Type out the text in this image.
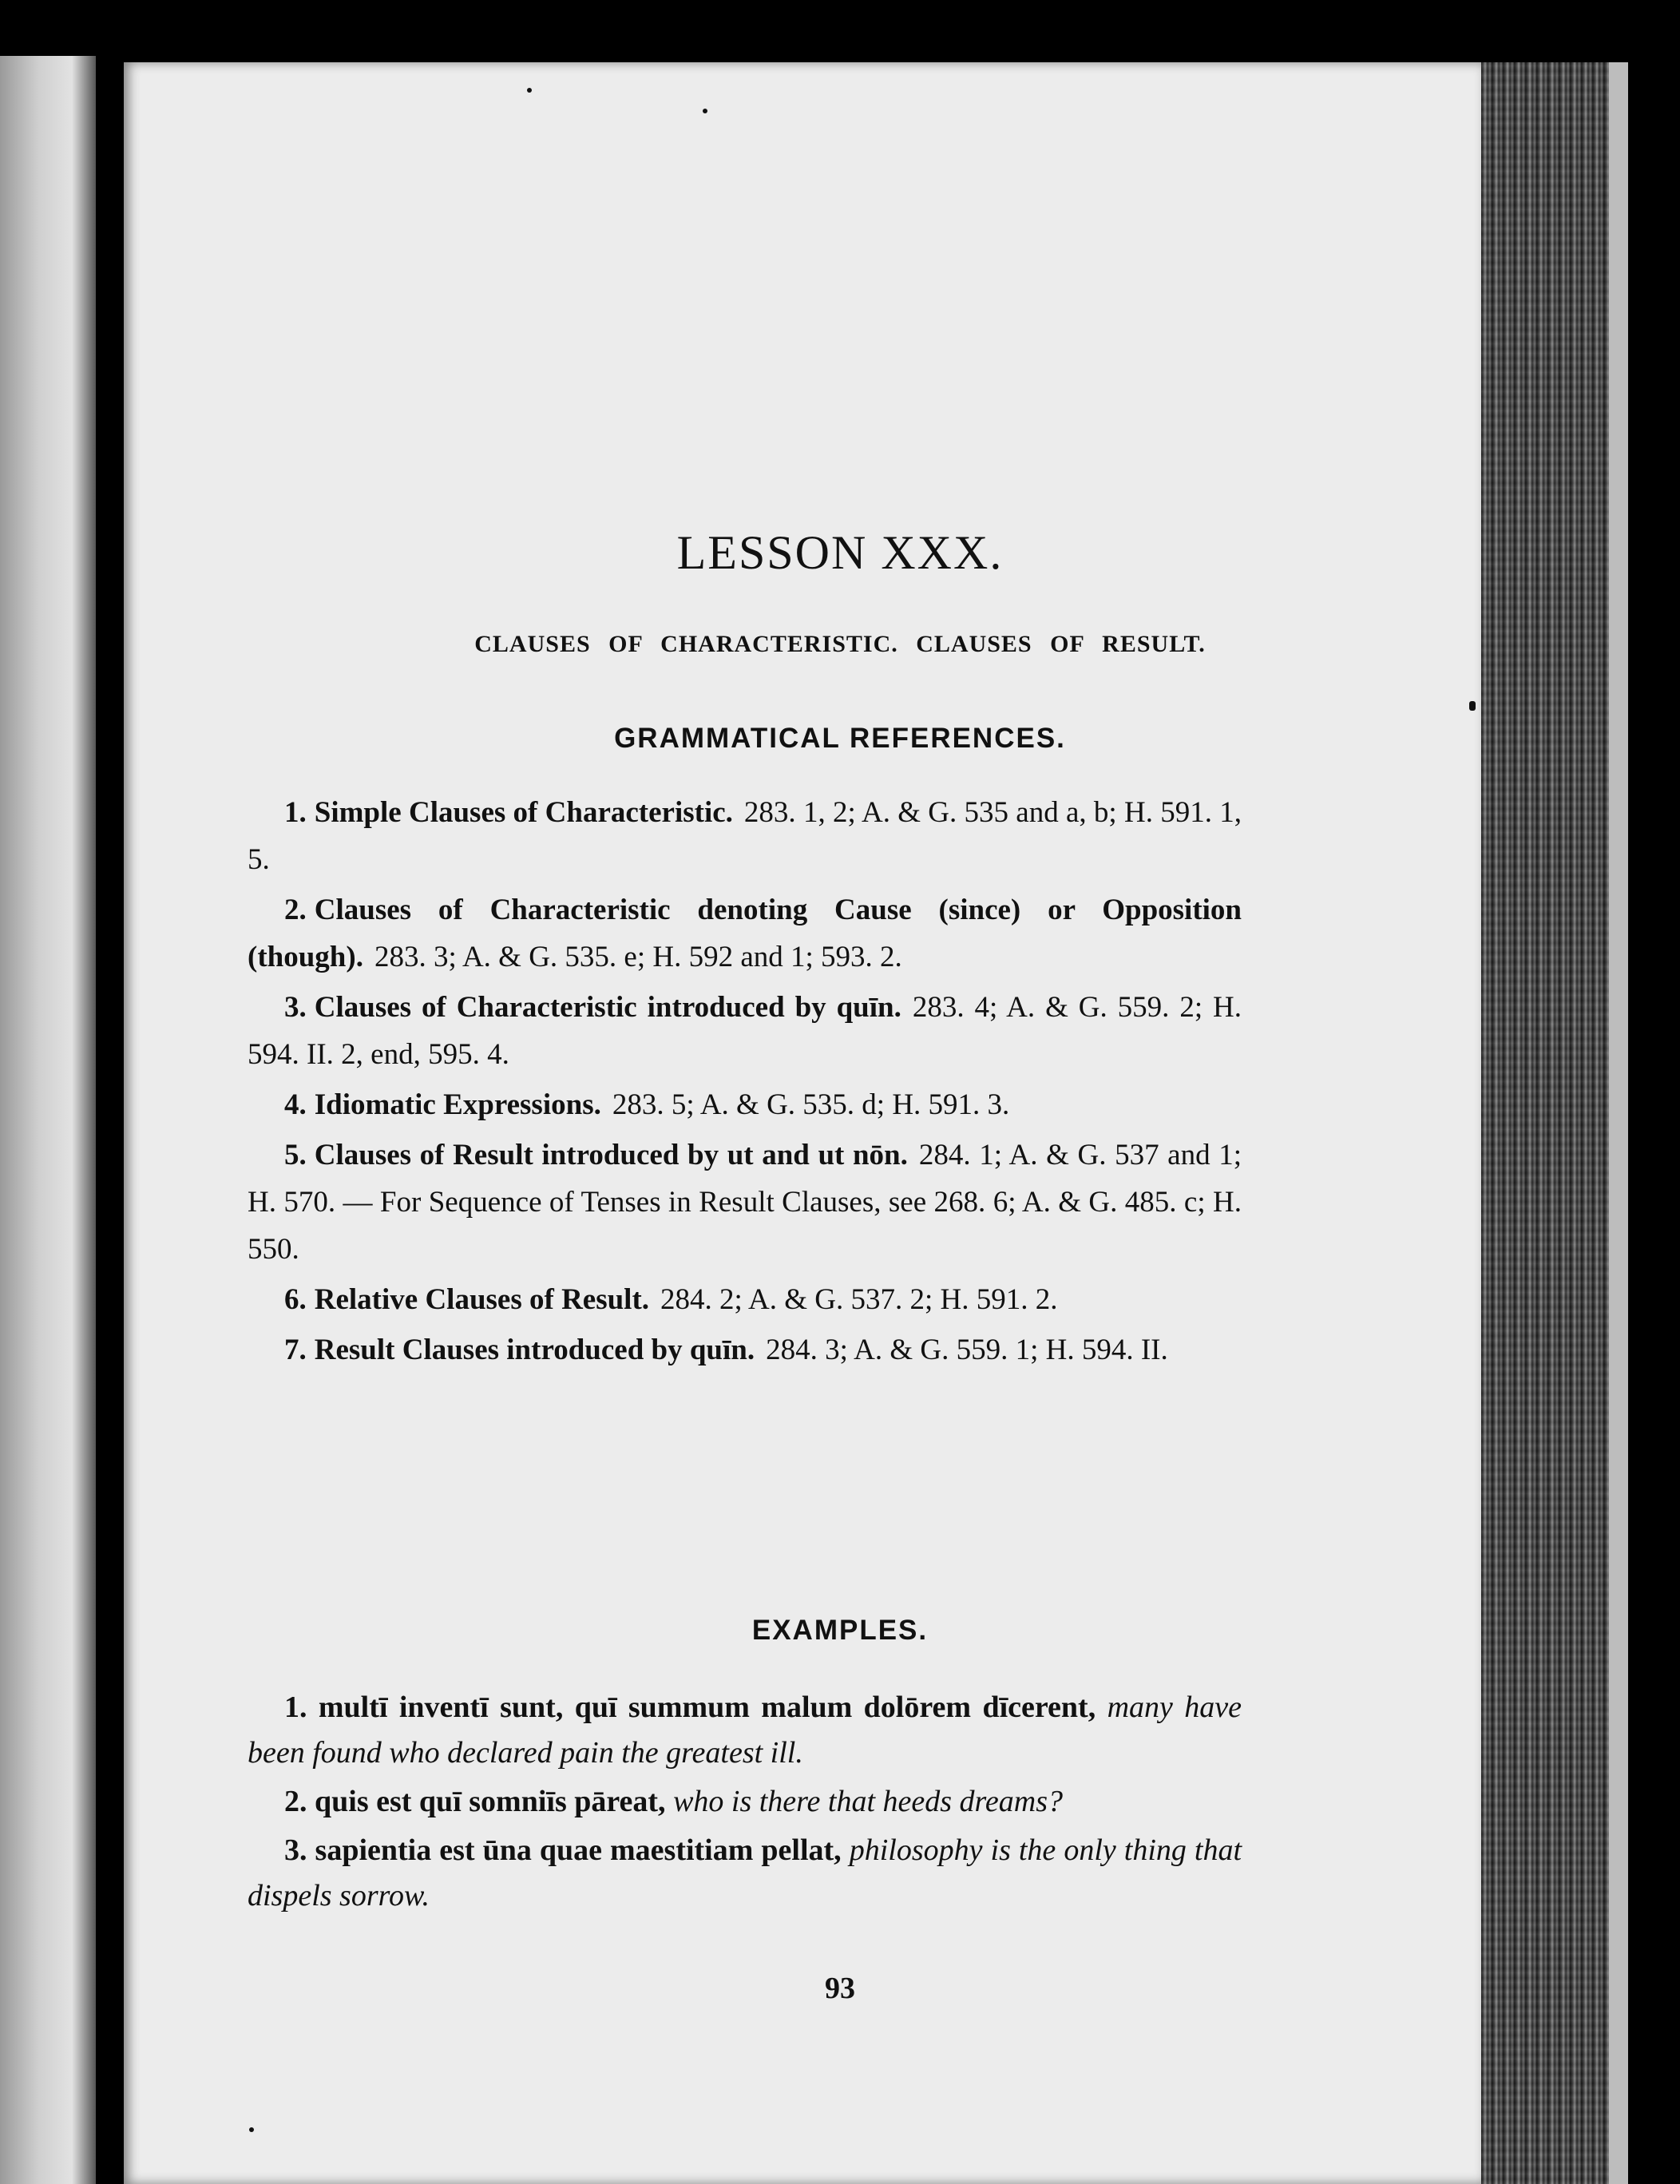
LESSON XXX.
CLAUSES OF CHARACTERISTIC. CLAUSES OF RESULT.
GRAMMATICAL REFERENCES.

1. Simple Clauses of Characteristic. 283. 1, 2; A. & G. 535 and a, b; H. 591. 1, 5.

2. Clauses of Characteristic denoting Cause (since) or Opposition (though). 283. 3; A. & G. 535. e; H. 592 and 1; 593. 2.

3. Clauses of Characteristic introduced by quīn. 283. 4; A. & G. 559. 2; H. 594. II. 2, end, 595. 4.

4. Idiomatic Expressions. 283. 5; A. & G. 535. d; H. 591. 3.

5. Clauses of Result introduced by ut and ut nōn. 284. 1; A. & G. 537 and 1; H. 570. — For Sequence of Tenses in Result Clauses, see 268. 6; A. & G. 485. c; H. 550.

6. Relative Clauses of Result. 284. 2; A. & G. 537. 2; H. 591. 2.

7. Result Clauses introduced by quīn. 284. 3; A. & G. 559. 1; H. 594. II.

EXAMPLES.

1. multī inventī sunt, quī summum malum dolōrem dīcerent, many have been found who declared pain the greatest ill.

2. quis est quī somniīs pāreat, who is there that heeds dreams?

3. sapientia est ūna quae maestitiam pellat, philosophy is the only thing that dispels sorrow.

93
